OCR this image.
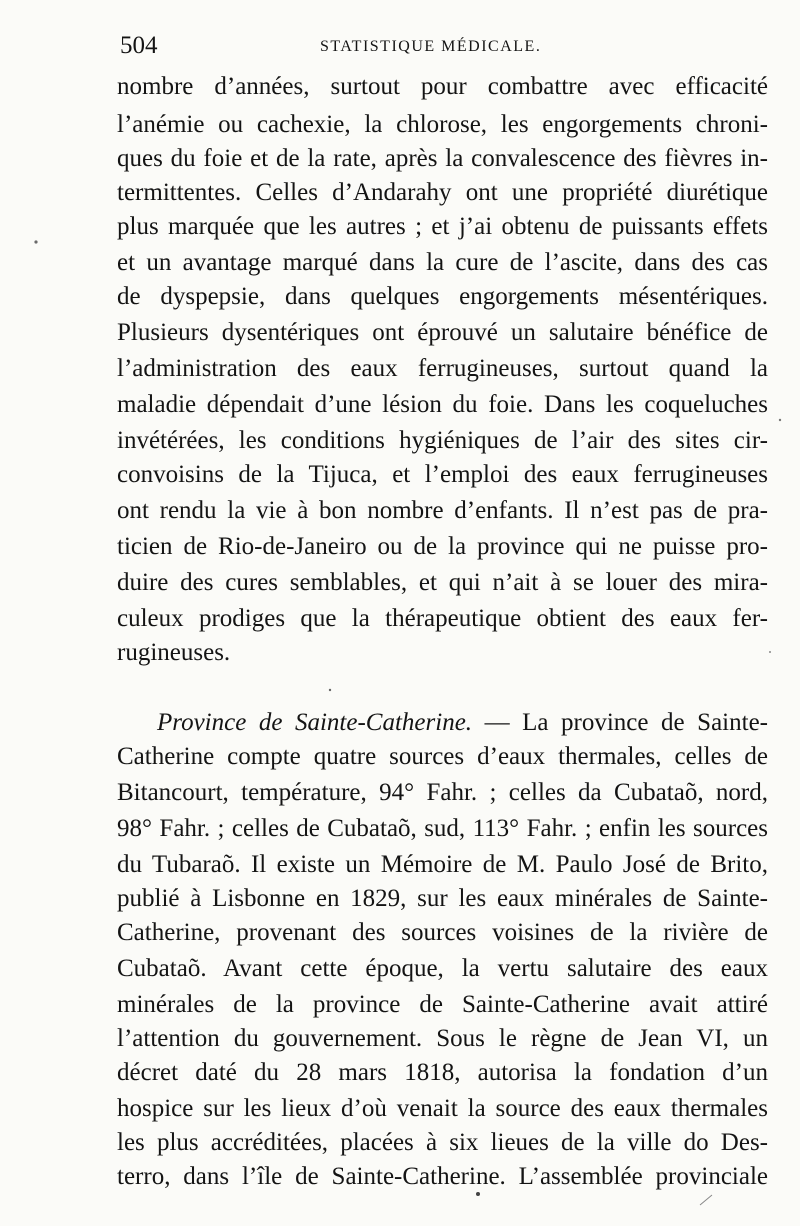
504	STATISTIQUE MÉDICALE.
nombre d’années, surtout pour combattre avec efficacité
l’anémie ou cachexie, la chlorose, les engorgements chroni-
ques du foie et de la rate, après la convalescence des fièvres in-
termittentes. Celles d’Andarahy ont une propriété diurétique
plus marquée que les autres ; et j’ai obtenu de puissants effets
et un avantage marqué dans la cure de l’ascite, dans des cas
de dyspepsie, dans quelques engorgements mésentériques.
Plusieurs dysentériques ont éprouvé un salutaire bénéfice de
l’administration des eaux ferrugineuses, surtout quand la
maladie dépendait d’une lésion du foie. Dans les coqueluches
invétérées, les conditions hygiéniques de l’air des sites cir-
convoisins de la Tijuca, et l’emploi des eaux ferrugineuses
ont rendu la vie à bon nombre d’enfants. Il n’est pas de pra-
ticien de Rio-de-Janeiro ou de la province qui ne puisse pro-
duire des cures semblables, et qui n’ait à se louer des mira-
culeux prodiges que la thérapeutique obtient des eaux fer-
rugineuses.
Province de Sainte-Catherine. — La province de Sainte-
Catherine compte quatre sources d’eaux thermales, celles de
Bitancourt, température, 94° Fahr. ; celles da Cubataõ, nord,
98° Fahr. ; celles de Cubataõ, sud, 113° Fahr. ; enfin les sources
du Tubaraõ. Il existe un Mémoire de M. Paulo José de Brito,
publié à Lisbonne en 1829, sur les eaux minérales de Sainte-
Catherine, provenant des sources voisines de la rivière de
Cubataõ. Avant cette époque, la vertu salutaire des eaux
minérales de la province de Sainte-Catherine avait attiré
l’attention du gouvernement. Sous le règne de Jean VI, un
décret daté du 28 mars 1818, autorisa la fondation d’un
hospice sur les lieux d’où venait la source des eaux thermales
les plus accréditées, placées à six lieues de la ville do Des-
terro, dans l’île de Sainte-Catherine. L’assemblée provinciale
